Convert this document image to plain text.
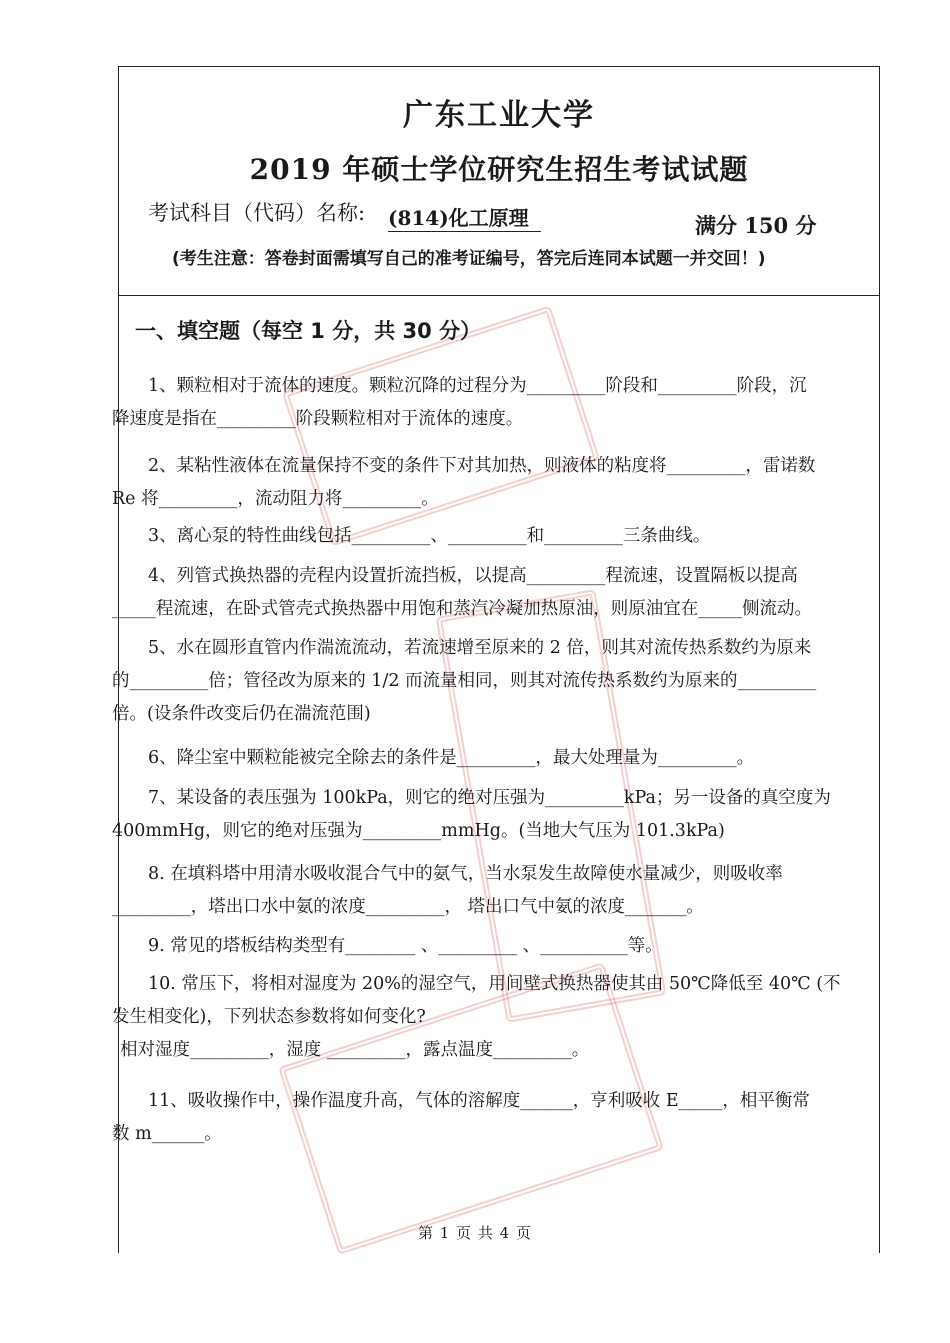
广东工业大学
2019 年硕士学位研究生招生考试试题
考试科目（代码）名称: (814)化工原理	满分 150 分
(考生注意：答卷封面需填写自己的准考证编号，答完后连同本试题一并交回！)
一、填空题（每空 1 分，共 30 分）

1、颗粒相对于流体的速度。颗粒沉降的过程分为_________阶段和_________阶段，沉

降速度是指在_________阶段颗粒相对于流体的速度。

2、某粘性液体在流量保持不变的条件下对其加热，则液体的粘度将_________，雷诺数

Re 将_________，流动阻力将_________。

3、离心泵的特性曲线包括_________、_________和_________三条曲线。

4、列管式换热器的壳程内设置折流挡板，以提高_________程流速，设置隔板以提高

_____程流速，在卧式管壳式换热器中用饱和蒸汽冷凝加热原油，则原油宜在_____侧流动。

5、水在圆形直管内作湍流流动，若流速增至原来的 2 倍，则其对流传热系数约为原来

的_________倍；管径改为原来的 1/2 而流量相同，则其对流传热系数约为原来的_________

倍。(设条件改变后仍在湍流范围)

6、降尘室中颗粒能被完全除去的条件是_________，最大处理量为_________。

7、某设备的表压强为 100kPa，则它的绝对压强为_________kPa；另一设备的真空度为

400mmHg，则它的绝对压强为_________mmHg。(当地大气压为 101.3kPa)

8. 在填料塔中用清水吸收混合气中的氨气，当水泵发生故障使水量减少，则吸收率

_________，塔出口水中氨的浓度_________， 塔出口气中氨的浓度_______。

9. 常见的塔板结构类型有________ 、_________ 、__________等。

10. 常压下，将相对湿度为 20%的湿空气，用间壁式换热器使其由 50℃降低至 40℃ (不

发生相变化)，下列状态参数将如何变化?

相对湿度_________，湿度 _________，露点温度_________。

11、吸收操作中，操作温度升高，气体的溶解度______，亨利吸收 E_____，相平衡常

数 m______。

第 1 页 共 4 页
